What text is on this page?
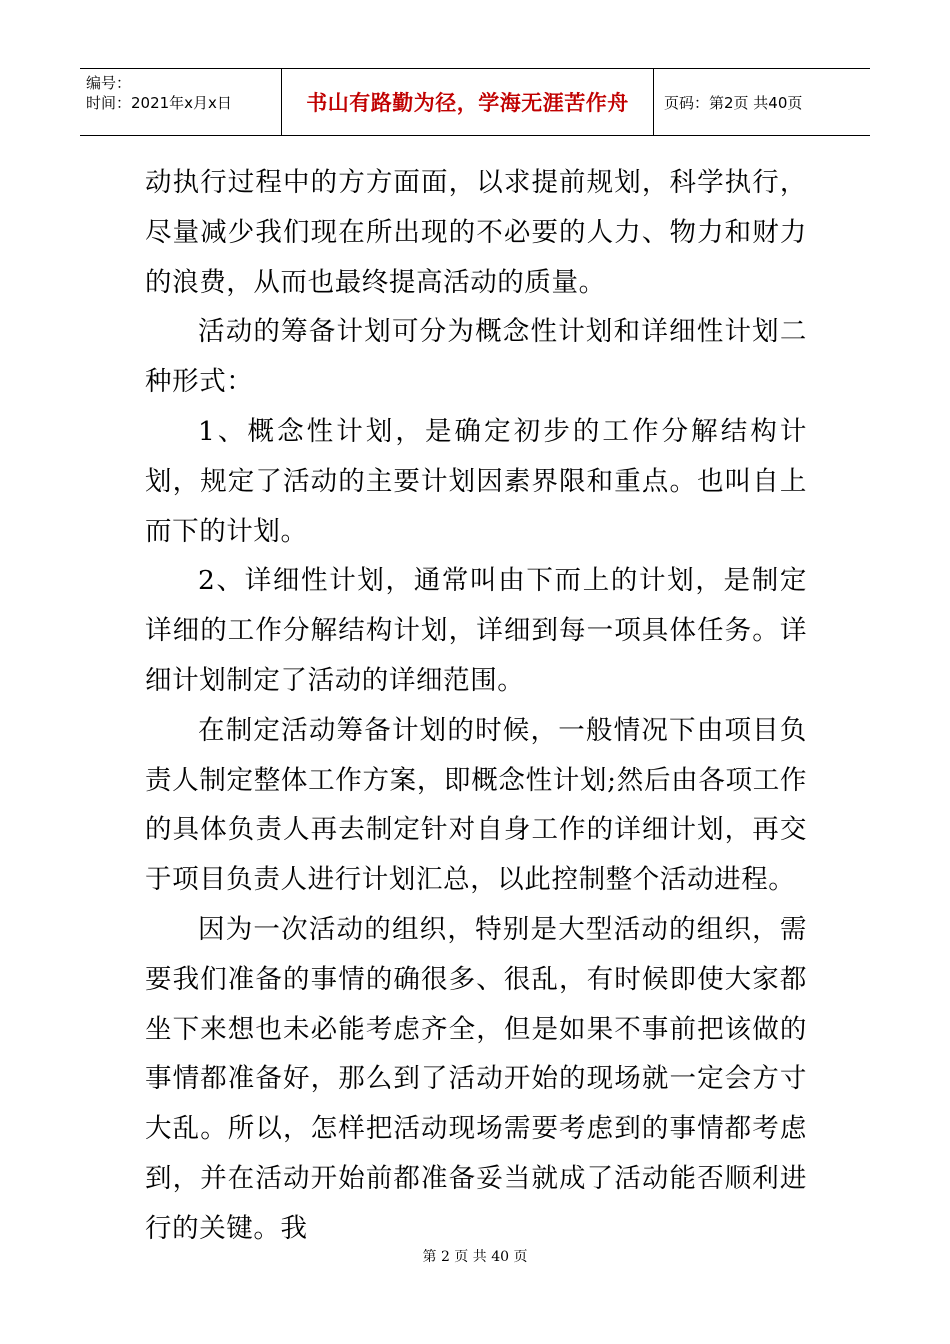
编号：
时间：2021年x月x日	书山有路勤为径，学海无涯苦作舟	页码：第2页 共40页

动执行过程中的方方面面，以求提前规划，科学执行，尽量减少我们现在所出现的不必要的人力、物力和财力的浪费，从而也最终提高活动的质量。

活动的筹备计划可分为概念性计划和详细性计划二种形式：

1、概念性计划，是确定初步的工作分解结构计划，规定了活动的主要计划因素界限和重点。也叫自上而下的计划。

2、详细性计划，通常叫由下而上的计划，是制定详细的工作分解结构计划，详细到每一项具体任务。详细计划制定了活动的详细范围。

在制定活动筹备计划的时候，一般情况下由项目负责人制定整体工作方案，即概念性计划;然后由各项工作的具体负责人再去制定针对自身工作的详细计划，再交于项目负责人进行计划汇总，以此控制整个活动进程。

因为一次活动的组织，特别是大型活动的组织，需要我们准备的事情的确很多、很乱，有时候即使大家都坐下来想也未必能考虑齐全，但是如果不事前把该做的事情都准备好，那么到了活动开始的现场就一定会方寸大乱。所以，怎样把活动现场需要考虑到的事情都考虑到，并在活动开始前都准备妥当就成了活动能否顺利进行的关键。我

第 2 页 共 40 页
